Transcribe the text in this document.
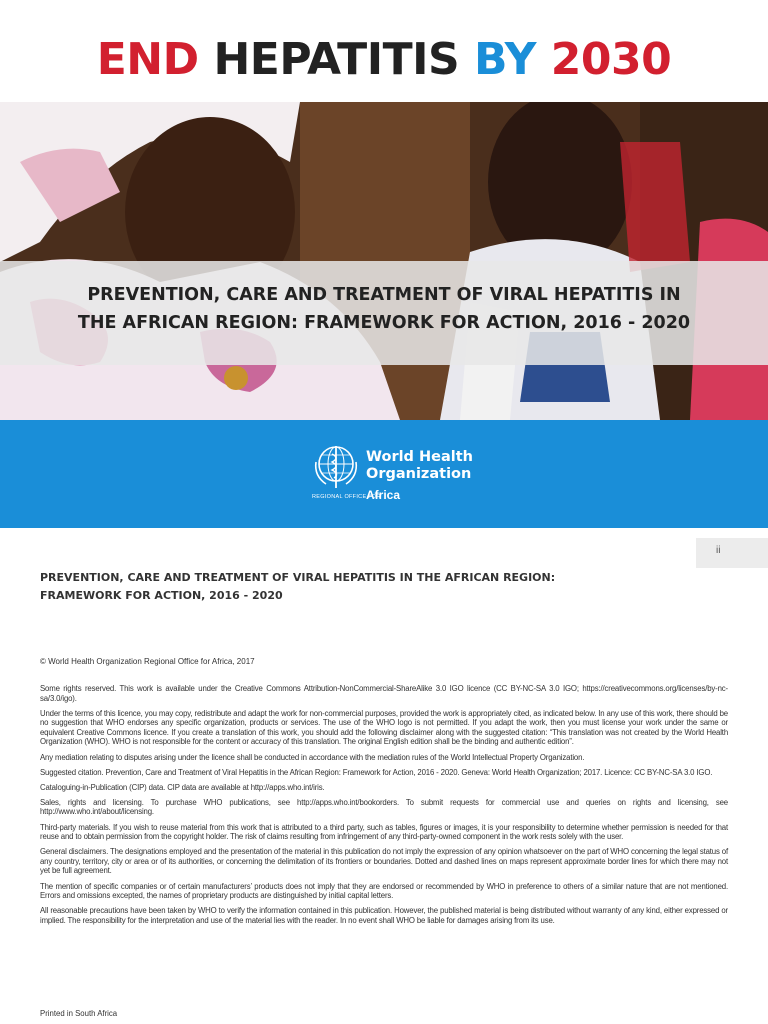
END HEPATITIS BY 2030
PREVENTION, CARE AND TREATMENT OF VIRAL HEPATITIS IN
THE AFRICAN REGION: FRAMEWORK FOR ACTION, 2016 - 2020
World Health
Organization
REGIONAL OFFICE FOR
Africa
ii
PREVENTION, CARE AND TREATMENT OF VIRAL HEPATITIS IN THE AFRICAN REGION:
FRAMEWORK FOR ACTION, 2016 - 2020
© World Health Organization Regional Office for Africa, 2017

Some rights reserved. This work is available under the Creative Commons Attribution-NonCommercial-ShareAlike 3.0 IGO licence (CC BY-NC-SA 3.0 IGO; https://creativecommons.org/licenses/by-nc-sa/3.0/igo).

Under the terms of this licence, you may copy, redistribute and adapt the work for non-commercial purposes, provided the work is appropriately cited, as indicated below. In any use of this work, there should be no suggestion that WHO endorses any specific organization, products or services. The use of the WHO logo is not permitted. If you adapt the work, then you must license your work under the same or equivalent Creative Commons licence. If you create a translation of this work, you should add the following disclaimer along with the suggested citation: “This translation was not created by the World Health Organization (WHO). WHO is not responsible for the content or accuracy of this translation. The original English edition shall be the binding and authentic edition”.

Any mediation relating to disputes arising under the licence shall be conducted in accordance with the mediation rules of the World Intellectual Property Organization.

Suggested citation. Prevention, Care and Treatment of Viral Hepatitis in the African Region: Framework for Action, 2016 - 2020. Geneva: World Health Organization; 2017. Licence: CC BY-NC-SA 3.0 IGO.

Cataloguing-in-Publication (CIP) data. CIP data are available at http://apps.who.int/iris.

Sales, rights and licensing. To purchase WHO publications, see http://apps.who.int/bookorders. To submit requests for commercial use and queries on rights and licensing, see http://www.who.int/about/licensing.

Third-party materials. If you wish to reuse material from this work that is attributed to a third party, such as tables, figures or images, it is your responsibility to determine whether permission is needed for that reuse and to obtain permission from the copyright holder. The risk of claims resulting from infringement of any third-party-owned component in the work rests solely with the user.

General disclaimers. The designations employed and the presentation of the material in this publication do not imply the expression of any opinion whatsoever on the part of WHO concerning the legal status of any country, territory, city or area or of its authorities, or concerning the delimitation of its frontiers or boundaries. Dotted and dashed lines on maps represent approximate border lines for which there may not yet be full agreement.

The mention of specific companies or of certain manufacturers’ products does not imply that they are endorsed or recommended by WHO in preference to others of a similar nature that are not mentioned. Errors and omissions excepted, the names of proprietary products are distinguished by initial capital letters.

All reasonable precautions have been taken by WHO to verify the information contained in this publication. However, the published material is being distributed without warranty of any kind, either expressed or implied. The responsibility for the interpretation and use of the material lies with the reader. In no event shall WHO be liable for damages arising from its use.

Printed in South Africa
